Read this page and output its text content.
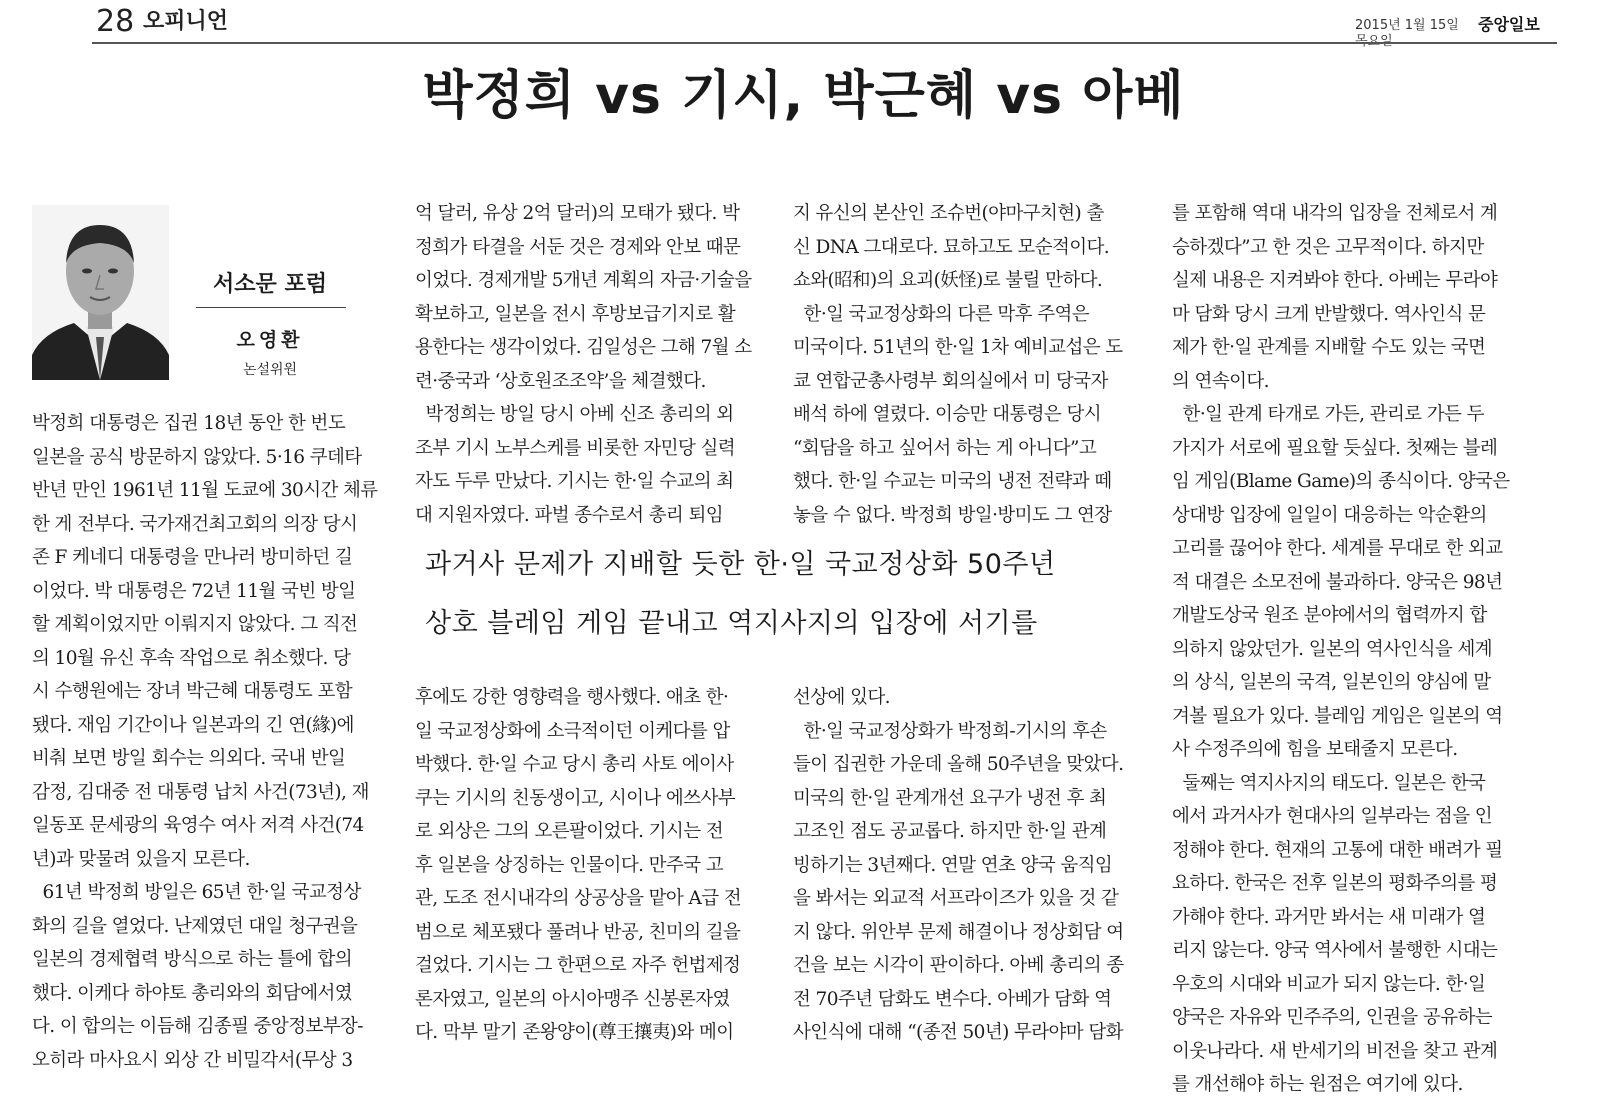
28 오피니언	2015년 1월 15일	중앙일보
박정희 vs 기시, 박근혜 vs 아베
서소문 포럼
오영환
논설위원
과거사 문제가 지배할 듯한 한·일 국교정상화 50주년
상호 블레임 게임 끝내고 역지사지의 입장에 서기를
박정희 대통령은 집권 18년 동안 한 번도
일본을 공식 방문하지 않았다. 5·16 쿠데타
반년 만인 1961년 11월 도쿄에 30시간 체류
한 게 전부다. 국가재건최고회의 의장 당시
존 F 케네디 대통령을 만나러 방미하던 길
이었다. 박 대통령은 72년 11월 국빈 방일
할 계획이었지만 이뤄지지 않았다. 그 직전
의 10월 유신 후속 작업으로 취소했다. 당
시 수행원에는 장녀 박근혜 대통령도 포함
됐다. 재임 기간이나 일본과의 긴 연(緣)에
비춰 보면 방일 회수는 의외다. 국내 반일
감정, 김대중 전 대통령 납치 사건(73년), 재
일동포 문세광의 육영수 여사 저격 사건(74
년)과 맞물려 있을지 모른다.
61년 박정희 방일은 65년 한·일 국교정상
화의 길을 열었다. 난제였던 대일 청구권을
일본의 경제협력 방식으로 하는 틀에 합의
했다. 이케다 하야토 총리와의 회담에서였
다. 이 합의는 이듬해 김종필 중앙정보부장-
오히라 마사요시 외상 간 비밀각서(무상 3
억 달러, 유상 2억 달러)의 모태가 됐다. 박
정희가 타결을 서둔 것은 경제와 안보 때문
이었다. 경제개발 5개년 계획의 자금·기술을
확보하고, 일본을 전시 후방보급기지로 활
용한다는 생각이었다. 김일성은 그해 7월 소
련·중국과 ‘상호원조조약’을 체결했다.
박정희는 방일 당시 아베 신조 총리의 외
조부 기시 노부스케를 비롯한 자민당 실력
자도 두루 만났다. 기시는 한·일 수교의 최
대 지원자였다. 파벌 종수로서 총리 퇴임
지 유신의 본산인 조슈번(야마구치현) 출
신 DNA 그대로다. 묘하고도 모순적이다.
쇼와(昭和)의 요괴(妖怪)로 불릴 만하다.
한·일 국교정상화의 다른 막후 주역은
미국이다. 51년의 한·일 1차 예비교섭은 도
쿄 연합군총사령부 회의실에서 미 당국자
배석 하에 열렸다. 이승만 대통령은 당시
“회담을 하고 싶어서 하는 게 아니다”고
했다. 한·일 수교는 미국의 냉전 전략과 떼
놓을 수 없다. 박정희 방일·방미도 그 연장
후에도 강한 영향력을 행사했다. 애초 한·
일 국교정상화에 소극적이던 이케다를 압
박했다. 한·일 수교 당시 총리 사토 에이사
쿠는 기시의 친동생이고, 시이나 에쓰사부
로 외상은 그의 오른팔이었다. 기시는 전
후 일본을 상징하는 인물이다. 만주국 고
관, 도조 전시내각의 상공상을 맡아 A급 전
범으로 체포됐다 풀려나 반공, 친미의 길을
걸었다. 기시는 그 한편으로 자주 헌법제정
론자였고, 일본의 아시아맹주 신봉론자였
다. 막부 말기 존왕양이(尊王攘夷)와 메이
선상에 있다.
한·일 국교정상화가 박정희-기시의 후손
들이 집권한 가운데 올해 50주년을 맞았다.
미국의 한·일 관계개선 요구가 냉전 후 최
고조인 점도 공교롭다. 하지만 한·일 관계
빙하기는 3년째다. 연말 연초 양국 움직임
을 봐서는 외교적 서프라이즈가 있을 것 같
지 않다. 위안부 문제 해결이나 정상회담 여
건을 보는 시각이 판이하다. 아베 총리의 종
전 70주년 담화도 변수다. 아베가 담화 역
사인식에 대해 “(종전 50년) 무라야마 담화
를 포함해 역대 내각의 입장을 전체로서 계
승하겠다”고 한 것은 고무적이다. 하지만
실제 내용은 지켜봐야 한다. 아베는 무라야
마 담화 당시 크게 반발했다. 역사인식 문
제가 한·일 관계를 지배할 수도 있는 국면
의 연속이다.
한·일 관계 타개로 가든, 관리로 가든 두
가지가 서로에 필요할 듯싶다. 첫째는 블레
임 게임(Blame Game)의 종식이다. 양국은
상대방 입장에 일일이 대응하는 악순환의
고리를 끊어야 한다. 세계를 무대로 한 외교
적 대결은 소모전에 불과하다. 양국은 98년
개발도상국 원조 분야에서의 협력까지 합
의하지 않았던가. 일본의 역사인식을 세계
의 상식, 일본의 국격, 일본인의 양심에 말
겨볼 필요가 있다. 블레임 게임은 일본의 역
사 수정주의에 힘을 보태줄지 모른다.
둘째는 역지사지의 태도다. 일본은 한국
에서 과거사가 현대사의 일부라는 점을 인
정해야 한다. 현재의 고통에 대한 배려가 필
요하다. 한국은 전후 일본의 평화주의를 평
가해야 한다. 과거만 봐서는 새 미래가 열
리지 않는다. 양국 역사에서 불행한 시대는
우호의 시대와 비교가 되지 않는다. 한·일
양국은 자유와 민주주의, 인권을 공유하는
이웃나라다. 새 반세기의 비전을 찾고 관계
를 개선해야 하는 원점은 여기에 있다.
